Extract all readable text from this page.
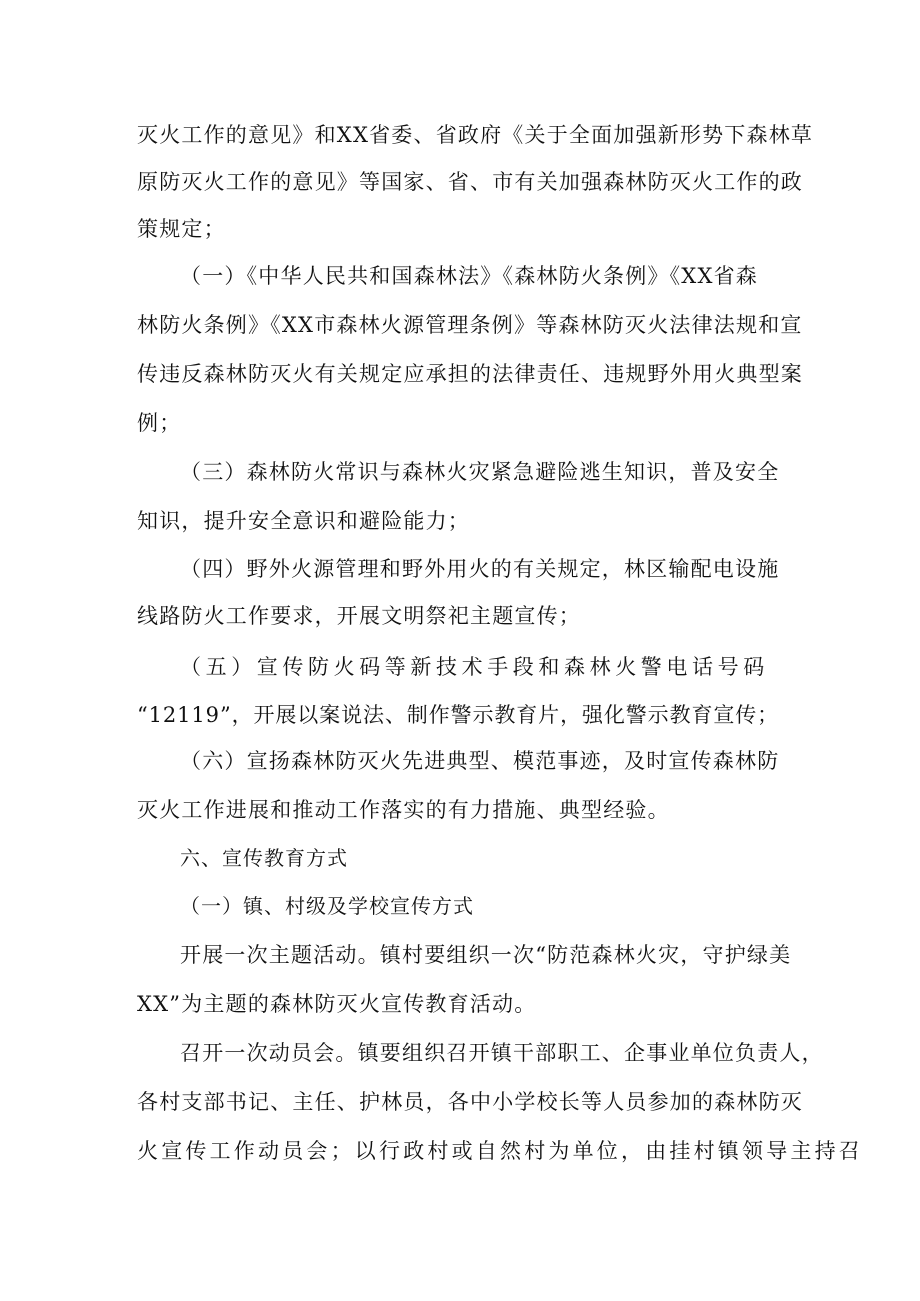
灭火工作的意见》和XX省委、省政府《关于全面加强新形势下森林草
原防灭火工作的意见》等国家、省、市有关加强森林防灭火工作的政
策规定；
（一）《中华人民共和国森林法》《森林防火条例》《XX省森
林防火条例》《XX市森林火源管理条例》等森林防灭火法律法规和宣
传违反森林防灭火有关规定应承担的法律责任、违规野外用火典型案
例；
（三）森林防火常识与森林火灾紧急避险逃生知识，普及安全
知识，提升安全意识和避险能力；
（四）野外火源管理和野外用火的有关规定，林区输配电设施
线路防火工作要求，开展文明祭祀主题宣传；
（五）宣传防火码等新技术手段和森林火警电话号码
“12119”，开展以案说法、制作警示教育片，强化警示教育宣传；
（六）宣扬森林防灭火先进典型、模范事迹，及时宣传森林防
灭火工作进展和推动工作落实的有力措施、典型经验。
六、宣传教育方式
（一）镇、村级及学校宣传方式
开展一次主题活动。镇村要组织一次“防范森林火灾，守护绿美
XX”为主题的森林防灭火宣传教育活动。
召开一次动员会。镇要组织召开镇干部职工、企事业单位负责人，
各村支部书记、主任、护林员，各中小学校长等人员参加的森林防灭
火宣传工作动员会；以行政村或自然村为单位，由挂村镇领导主持召
